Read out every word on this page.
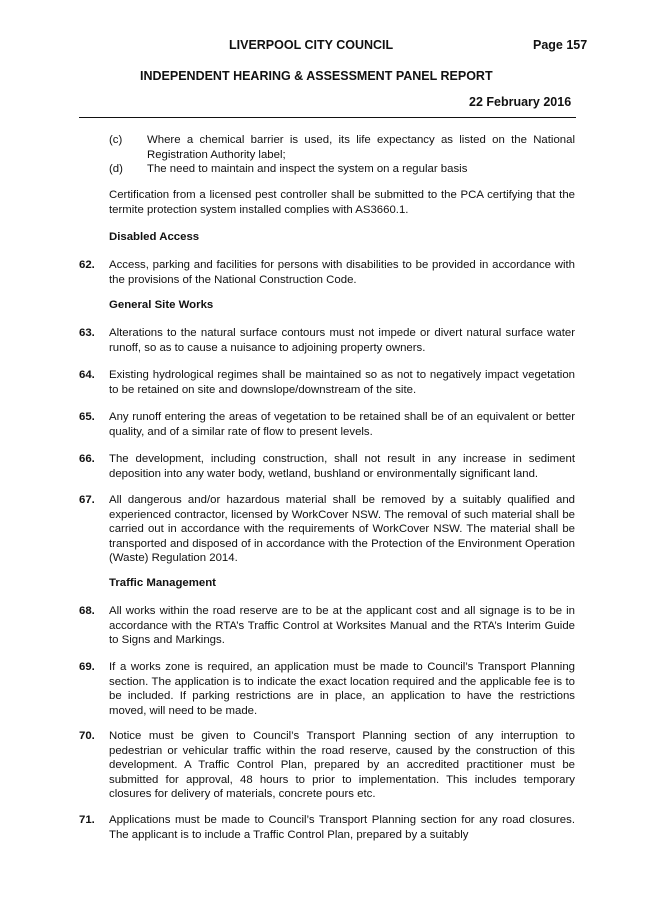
LIVERPOOL CITY COUNCIL	Page 157
INDEPENDENT HEARING & ASSESSMENT PANEL REPORT
22 February 2016
(c)	Where a chemical barrier is used, its life expectancy as listed on the National Registration Authority label;
(d)	The need to maintain and inspect the system on a regular basis
Certification from a licensed pest controller shall be submitted to the PCA certifying that the termite protection system installed complies with AS3660.1.
Disabled Access
62.	Access, parking and facilities for persons with disabilities to be provided in accordance with the provisions of the National Construction Code.
General Site Works
63.	Alterations to the natural surface contours must not impede or divert natural surface water runoff, so as to cause a nuisance to adjoining property owners.
64.	Existing hydrological regimes shall be maintained so as not to negatively impact vegetation to be retained on site and downslope/downstream of the site.
65.	Any runoff entering the areas of vegetation to be retained shall be of an equivalent or better quality, and of a similar rate of flow to present levels.
66.	The development, including construction, shall not result in any increase in sediment deposition into any water body, wetland, bushland or environmentally significant land.
67.	All dangerous and/or hazardous material shall be removed by a suitably qualified and experienced contractor, licensed by WorkCover NSW. The removal of such material shall be carried out in accordance with the requirements of WorkCover NSW. The material shall be transported and disposed of in accordance with the Protection of the Environment Operation (Waste) Regulation 2014.
Traffic Management
68.	All works within the road reserve are to be at the applicant cost and all signage is to be in accordance with the RTA’s Traffic Control at Worksites Manual and the RTA’s Interim Guide to Signs and Markings.
69.	If a works zone is required, an application must be made to Council’s Transport Planning section. The application is to indicate the exact location required and the applicable fee is to be included. If parking restrictions are in place, an application to have the restrictions moved, will need to be made.
70.	Notice must be given to Council’s Transport Planning section of any interruption to pedestrian or vehicular traffic within the road reserve, caused by the construction of this development. A Traffic Control Plan, prepared by an accredited practitioner must be submitted for approval, 48 hours to prior to implementation. This includes temporary closures for delivery of materials, concrete pours etc.
71.	Applications must be made to Council’s Transport Planning section for any road closures. The applicant is to include a Traffic Control Plan, prepared by a suitably
